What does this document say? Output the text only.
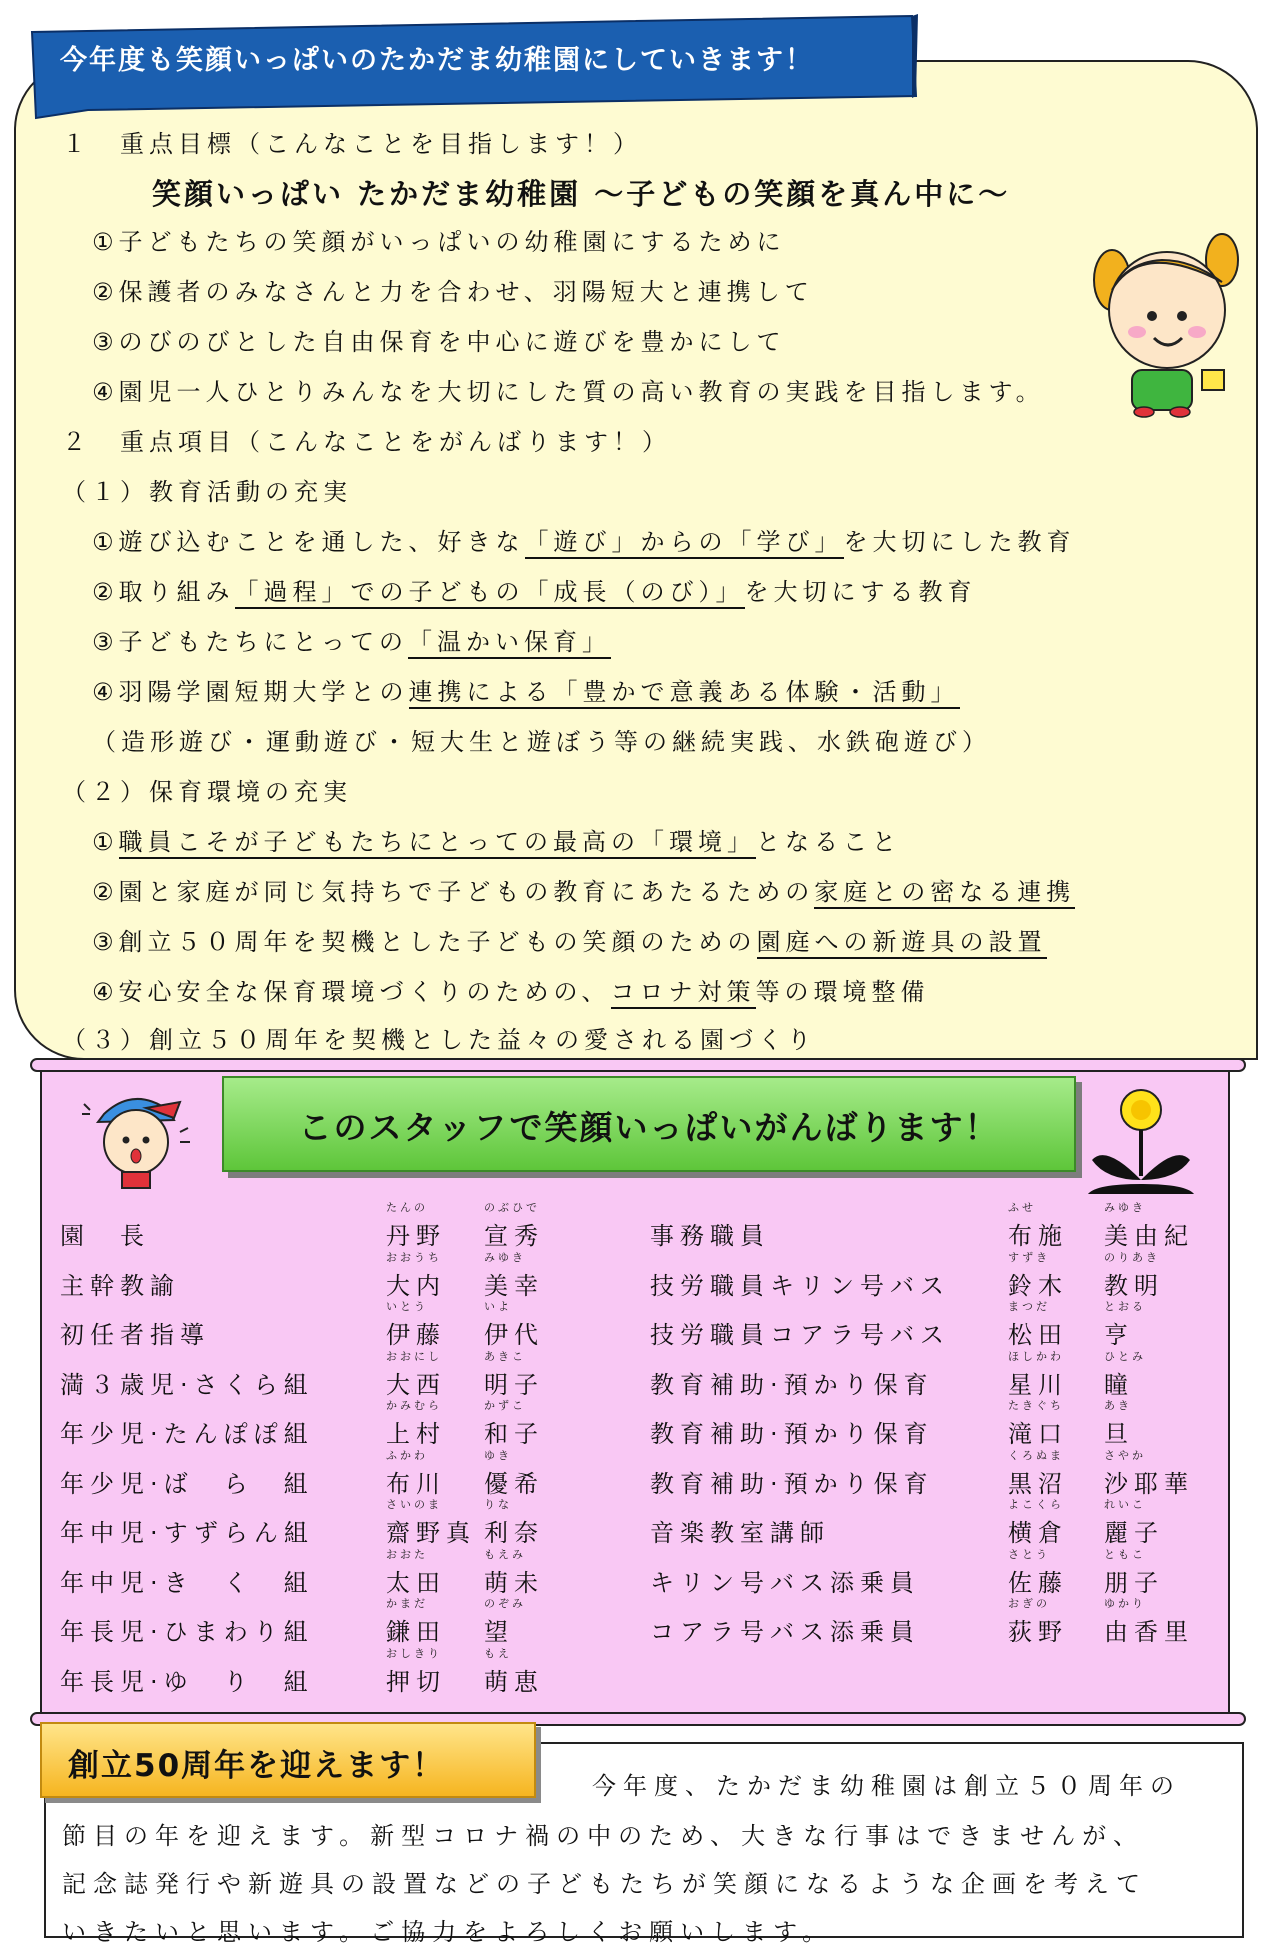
今年度も笑顔いっぱいのたかだま幼稚園にしていきます！
１　重点目標（こんなことを目指します！）
笑顔いっぱい たかだま幼稚園 ～子どもの笑顔を真ん中に～
①子どもたちの笑顔がいっぱいの幼稚園にするために
②保護者のみなさんと力を合わせ、羽陽短大と連携して
③のびのびとした自由保育を中心に遊びを豊かにして
④園児一人ひとりみんなを大切にした質の高い教育の実践を目指します。
２　重点項目（こんなことをがんばります！）
（１）教育活動の充実
①遊び込むことを通した、好きな「遊び」からの「学び」を大切にした教育
②取り組み「過程」での子どもの「成長（のび）」を大切にする教育
③子どもたちにとっての「温かい保育」
④羽陽学園短期大学との連携による「豊かで意義ある体験・活動」
（造形遊び・運動遊び・短大生と遊ぼう等の継続実践、水鉄砲遊び）
（２）保育環境の充実
①職員こそが子どもたちにとっての最高の「環境」となること
②園と家庭が同じ気持ちで子どもの教育にあたるための家庭との密なる連携
③創立５０周年を契機とした子どもの笑顔のための園庭への新遊具の設置
④安心安全な保育環境づくりのための、コロナ対策等の環境整備
（３）創立５０周年を契機とした益々の愛される園づくり
このスタッフで笑顔いっぱいがんばります！
創立50周年を迎えます！
今年度、たかだま幼稚園は創立５０周年の
節目の年を迎えます。新型コロナ禍の中のため、大きな行事はできませんが、
記念誌発行や新遊具の設置などの子どもたちが笑顔になるような企画を考えて
いきたいと思います。ご協力をよろしくお願いします。
園　長
たんの
丹野
のぶひで
宣秀
主幹教諭
おおうち
大内
みゆき
美幸
初任者指導
いとう
伊藤
いよ
伊代
満３歳児·さくら組
おおにし
大西
あきこ
明子
年少児·たんぽぽ組
かみむら
上村
かずこ
和子
年少児·ば　ら　組
ふかわ
布川
ゆき
優希
年中児·すずらん組
さいのま
齋野真
りな
利奈
年中児·き　く　組
おおた
太田
もえみ
萌未
年長児·ひまわり組
かまだ
鎌田
のぞみ
望
年長児·ゆ　り　組
おしきり
押切
もえ
萌恵
事務職員
ふせ
布施
みゆき
美由紀
技労職員キリン号バス
すずき
鈴木
のりあき
教明
技労職員コアラ号バス
まつだ
松田
とおる
亨
教育補助·預かり保育
ほしかわ
星川
ひとみ
瞳
教育補助·預かり保育
たきぐち
滝口
あき
旦
教育補助·預かり保育
くろぬま
黒沼
さやか
沙耶華
音楽教室講師
よこくら
横倉
れいこ
麗子
キリン号バス添乗員
さとう
佐藤
ともこ
朋子
コアラ号バス添乗員
おぎの
荻野
ゆかり
由香里
